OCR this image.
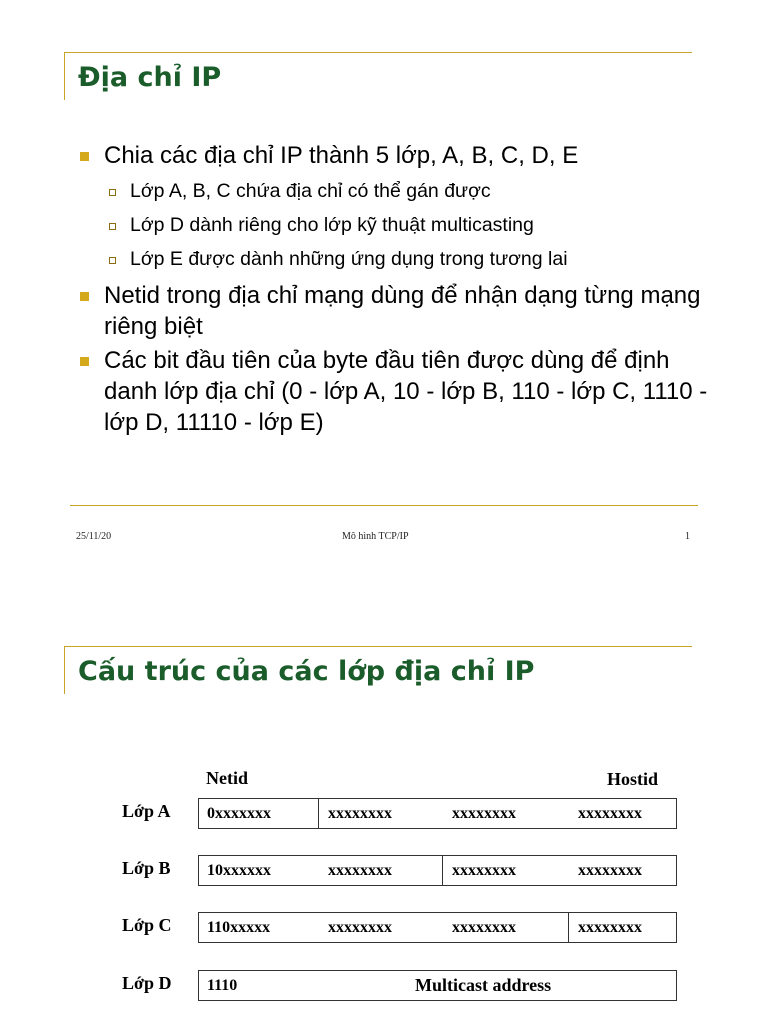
Địa chỉ IP
Chia các địa chỉ IP thành 5 lớp, A, B, C, D, E
Lớp A, B, C chứa địa chỉ có thể gán được
Lớp D dành riêng cho lớp kỹ thuật multicasting
Lớp E được dành những ứng dụng trong tương lai
Netid trong địa chỉ mạng dùng để nhận dạng từng mạng riêng biệt
Các bit đầu tiên của byte đầu tiên được dùng để định danh lớp địa chỉ (0 - lớp A, 10 - lớp B, 110 - lớp C, 1110 - lớp D, 11110 - lớp E)
25/11/20	Mô hình TCP/IP	1
Cấu trúc của các lớp địa chỉ IP
Netid	Hostid
Lớp A 0xxxxxxx	xxxxxxxx	xxxxxxxx	xxxxxxxx
Lớp B 10xxxxxx	xxxxxxxx	xxxxxxxx	xxxxxxxx
Lớp C 110xxxxx	xxxxxxxx	xxxxxxxx	xxxxxxxx
Lớp D 1110	Multicast address
